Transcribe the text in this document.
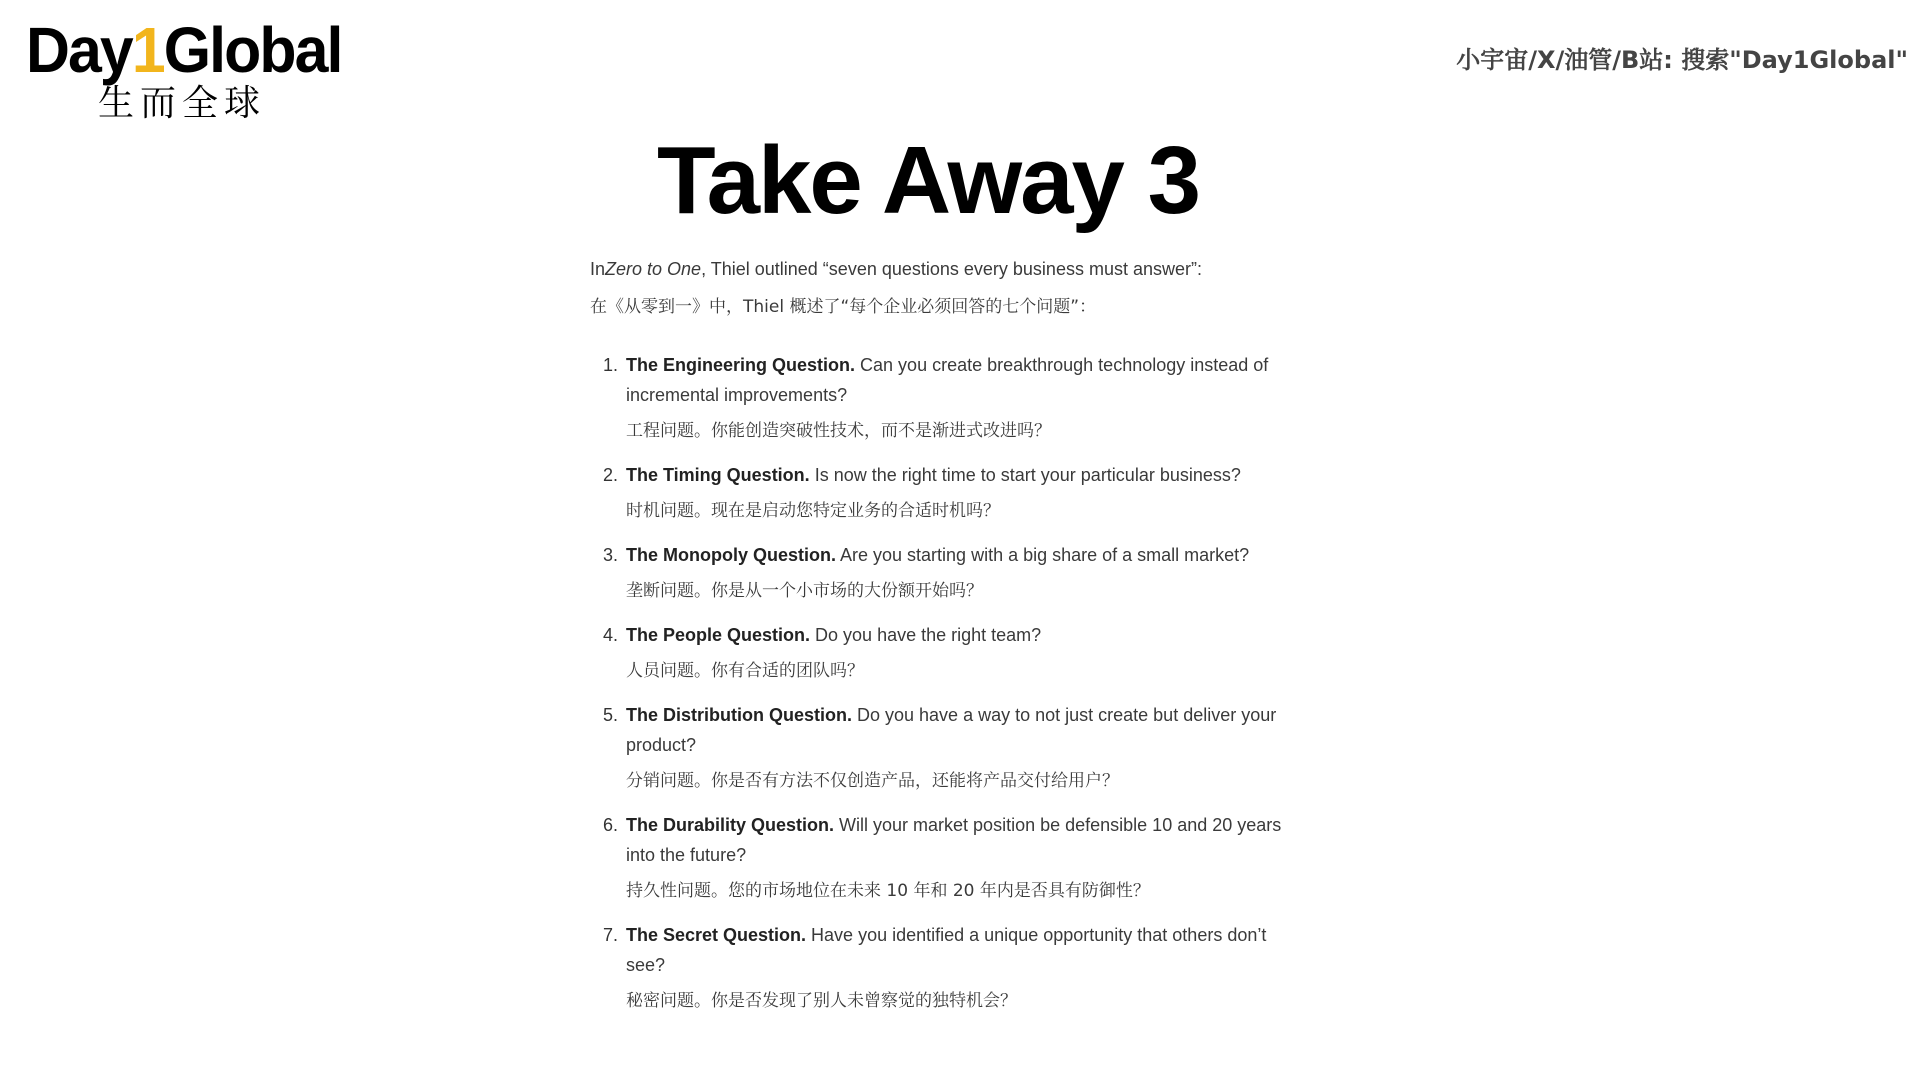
Day1Global
生而全球
小宇宙/X/油管/B站: 搜索"Day1Global"
Take Away 3

InZero to One, Thiel outlined “seven questions every business must answer”:

在《从零到一》中，Thiel 概述了“每个企业必须回答的七个问题”：

1. The Engineering Question. Can you create breakthrough technology instead of incremental improvements?
工程问题。你能创造突破性技术，而不是渐进式改进吗？
2. The Timing Question. Is now the right time to start your particular business?
时机问题。现在是启动您特定业务的合适时机吗？
3. The Monopoly Question. Are you starting with a big share of a small market?
垄断问题。你是从一个小市场的大份额开始吗？
4. The People Question. Do you have the right team?
人员问题。你有合适的团队吗？
5. The Distribution Question. Do you have a way to not just create but deliver your product?
分销问题。你是否有方法不仅创造产品，还能将产品交付给用户？
6. The Durability Question. Will your market position be defensible 10 and 20 years into the future?
持久性问题。您的市场地位在未来 10 年和 20 年内是否具有防御性？
7. The Secret Question. Have you identified a unique opportunity that others don’t see?
秘密问题。你是否发现了别人未曾察觉的独特机会？
